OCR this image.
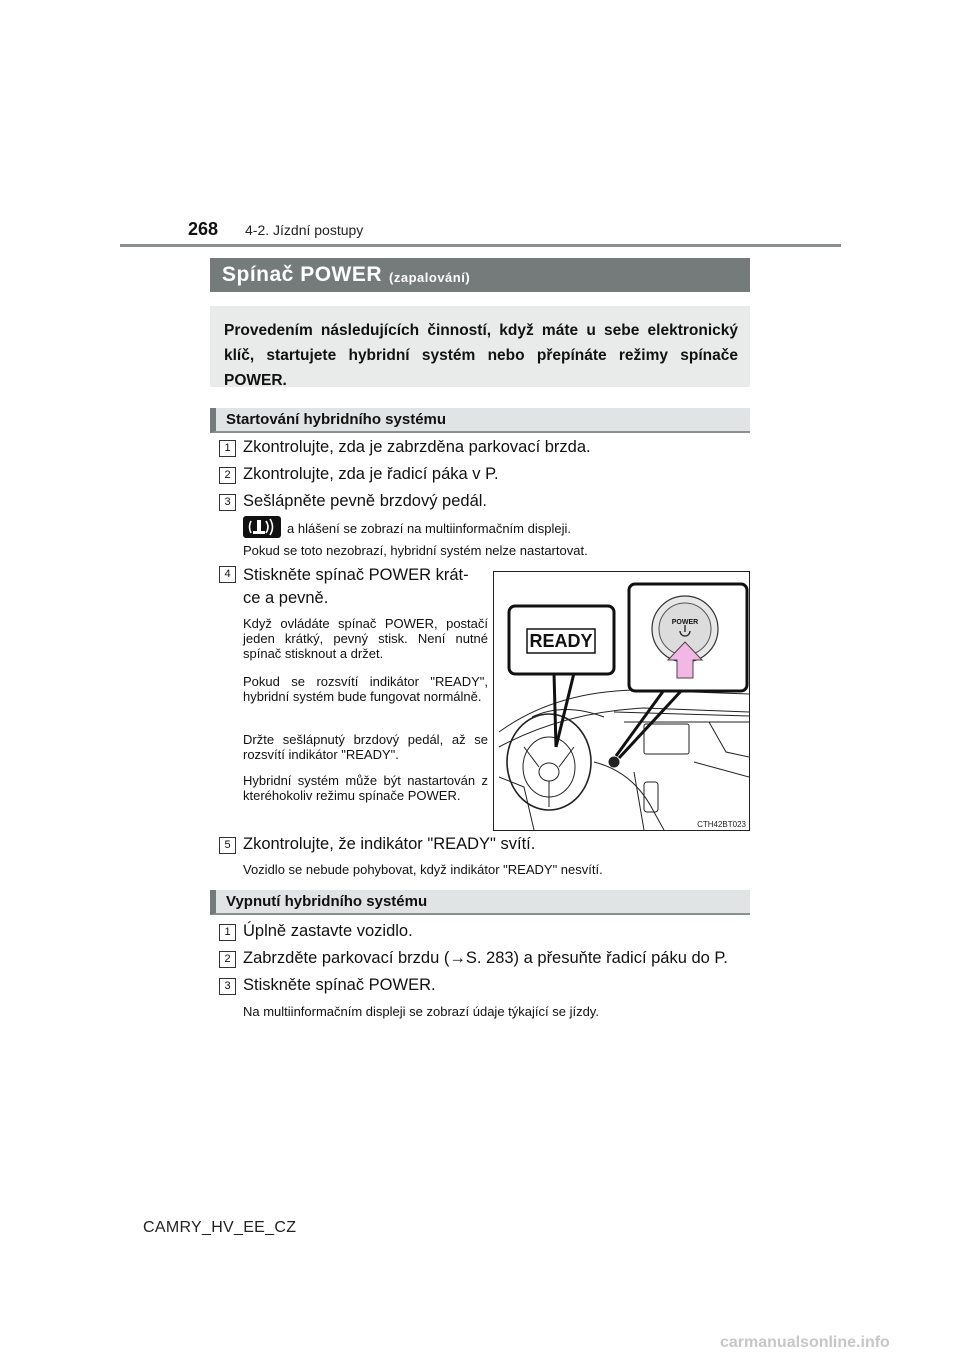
268 4-2. Jízdní postupy
Spínač POWER (zapalování)
Provedením následujících činností, když máte u sebe elektronický klíč, startujete hybridní systém nebo přepínáte režimy spínače POWER.
Startování hybridního systému
1 Zkontrolujte, zda je zabrzděna parkovací brzda.
2 Zkontrolujte, zda je řadicí páka v P.
3 Sešlápněte pevně brzdový pedál.
a hlášení se zobrazí na multiinformačním displeji.
Pokud se toto nezobrazí, hybridní systém nelze nastartovat.
4 Stiskněte spínač POWER krát-
ce a pevně.
Když ovládáte spínač POWER, postačí jeden krátký, pevný stisk. Není nutné spínač stisknout a držet.
Pokud se rozsvítí indikátor "READY", hybridní systém bude fungovat normálně.
Držte sešlápnutý brzdový pedál, až se rozsvítí indikátor "READY".
Hybridní systém může být nastartován z kteréhokoliv režimu spínače POWER.
READY
POWER
CTH42BT023
5 Zkontrolujte, že indikátor "READY" svítí.
Vozidlo se nebude pohybovat, když indikátor "READY" nesvítí.
Vypnutí hybridního systému
1 Úplně zastavte vozidlo.
2 Zabrzděte parkovací brzdu (→S. 283) a přesuňte řadicí páku do P.
3 Stiskněte spínač POWER.
Na multiinformačním displeji se zobrazí údaje týkající se jízdy.
CAMRY_HV_EE_CZ
carmanualsonline.info
